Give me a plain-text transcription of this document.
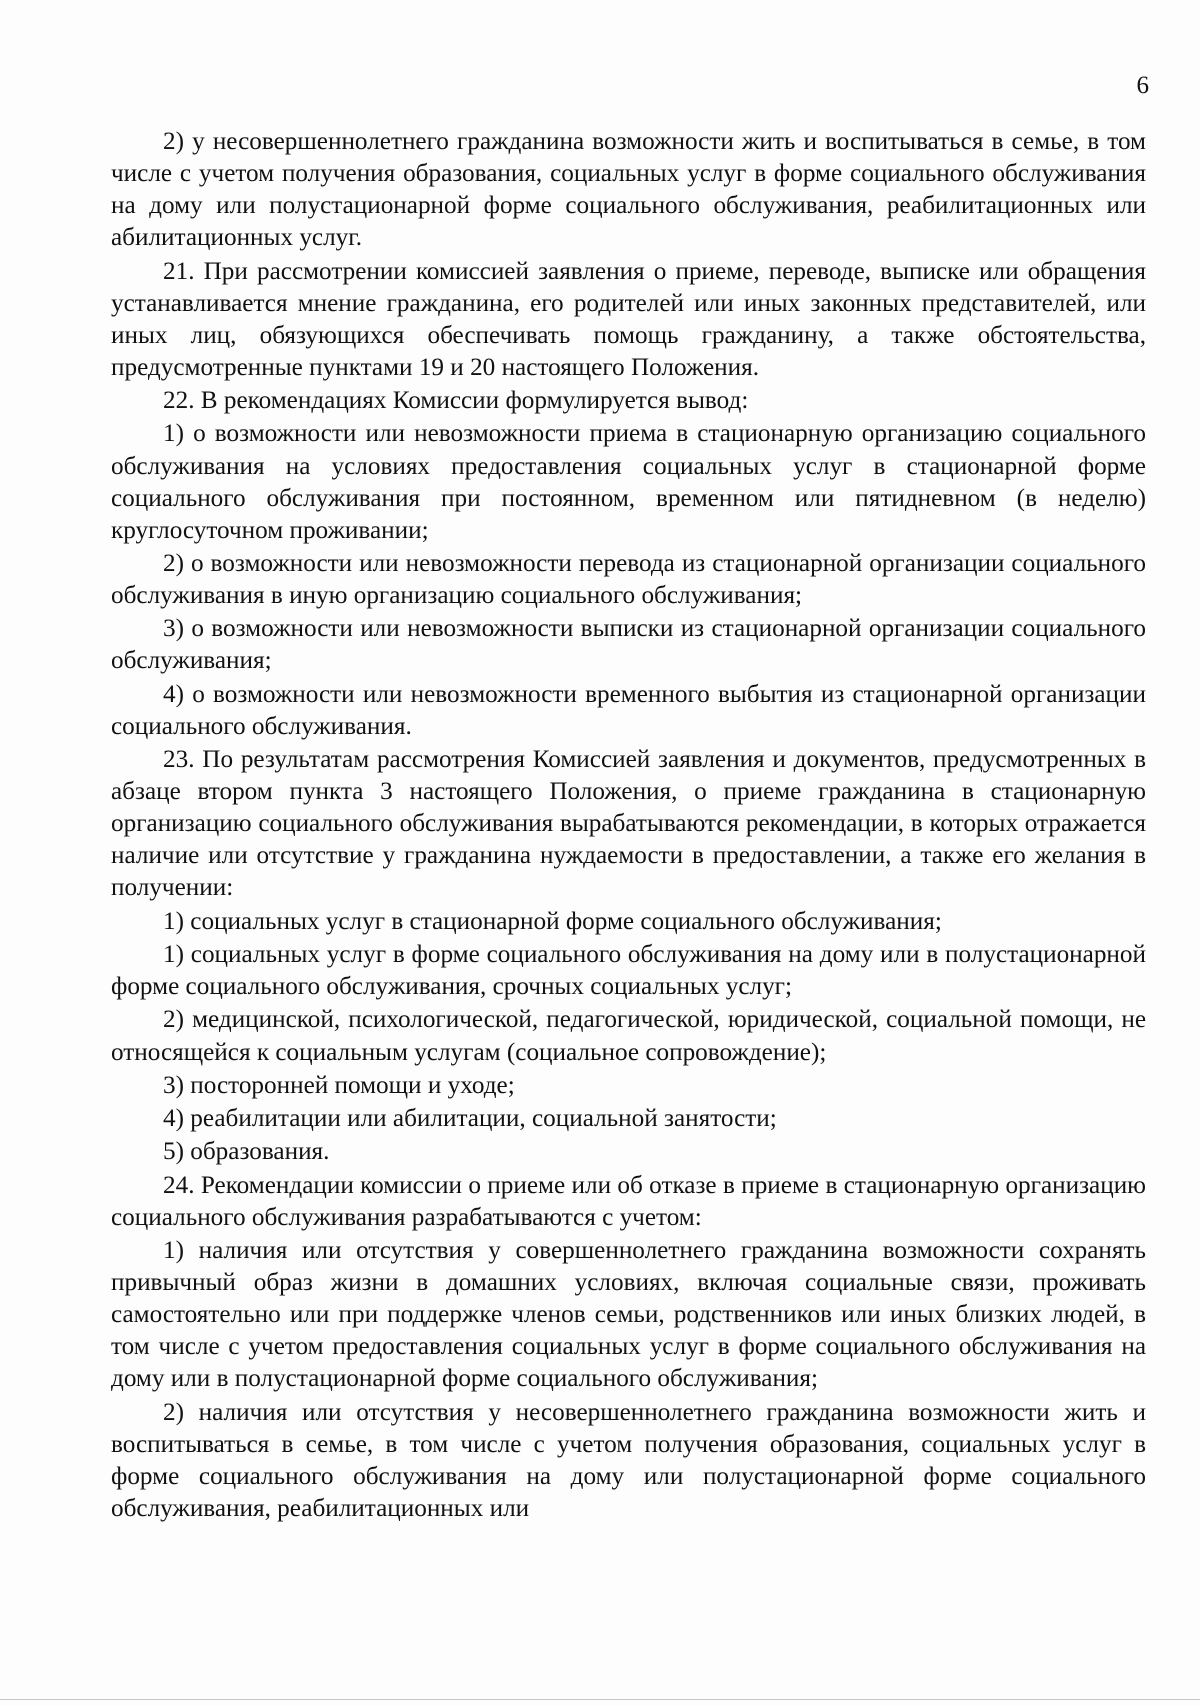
6

2) у несовершеннолетнего гражданина возможности жить и воспитываться в семье, в том числе с учетом получения образования, социальных услуг в форме социального обслуживания на дому или полустационарной форме социального обслуживания, реабилитационных или абилитационных услуг.

21. При рассмотрении комиссией заявления о приеме, переводе, выписке или обращения устанавливается мнение гражданина, его родителей или иных законных представителей, или иных лиц, обязующихся обеспечивать помощь гражданину, а также обстоятельства, предусмотренные пунктами 19 и 20 настоящего Положения.

22. В рекомендациях Комиссии формулируется вывод:

1) о возможности или невозможности приема в стационарную организацию социального обслуживания на условиях предоставления социальных услуг в стационарной форме социального обслуживания при постоянном, временном или пятидневном (в неделю) круглосуточном проживании;

2) о возможности или невозможности перевода из стационарной организации социального обслуживания в иную организацию социального обслуживания;

3) о возможности или невозможности выписки из стационарной организации социального обслуживания;

4) о возможности или невозможности временного выбытия из стационарной организации социального обслуживания.

23. По результатам рассмотрения Комиссией заявления и документов, предусмотренных в абзаце втором пункта 3 настоящего Положения, о приеме гражданина в стационарную организацию социального обслуживания вырабатываются рекомендации, в которых отражается наличие или отсутствие у гражданина нуждаемости в предоставлении, а также его желания в получении:

1) социальных услуг в стационарной форме социального обслуживания;

1) социальных услуг в форме социального обслуживания на дому или в полустационарной форме социального обслуживания, срочных социальных услуг;

2) медицинской, психологической, педагогической, юридической, социальной помощи, не относящейся к социальным услугам (социальное сопровождение);

3) посторонней помощи и уходе;

4) реабилитации или абилитации, социальной занятости;

5) образования.

24. Рекомендации комиссии о приеме или об отказе в приеме в стационарную организацию социального обслуживания разрабатываются с учетом:

1) наличия или отсутствия у совершеннолетнего гражданина возможности сохранять привычный образ жизни в домашних условиях, включая социальные связи, проживать самостоятельно или при поддержке членов семьи, родственников или иных близких людей, в том числе с учетом предоставления социальных услуг в форме социального обслуживания на дому или в полустационарной форме социального обслуживания;

2) наличия или отсутствия у несовершеннолетнего гражданина возможности жить и воспитываться в семье, в том числе с учетом получения образования, социальных услуг в форме социального обслуживания на дому или полустационарной форме социального обслуживания, реабилитационных или
